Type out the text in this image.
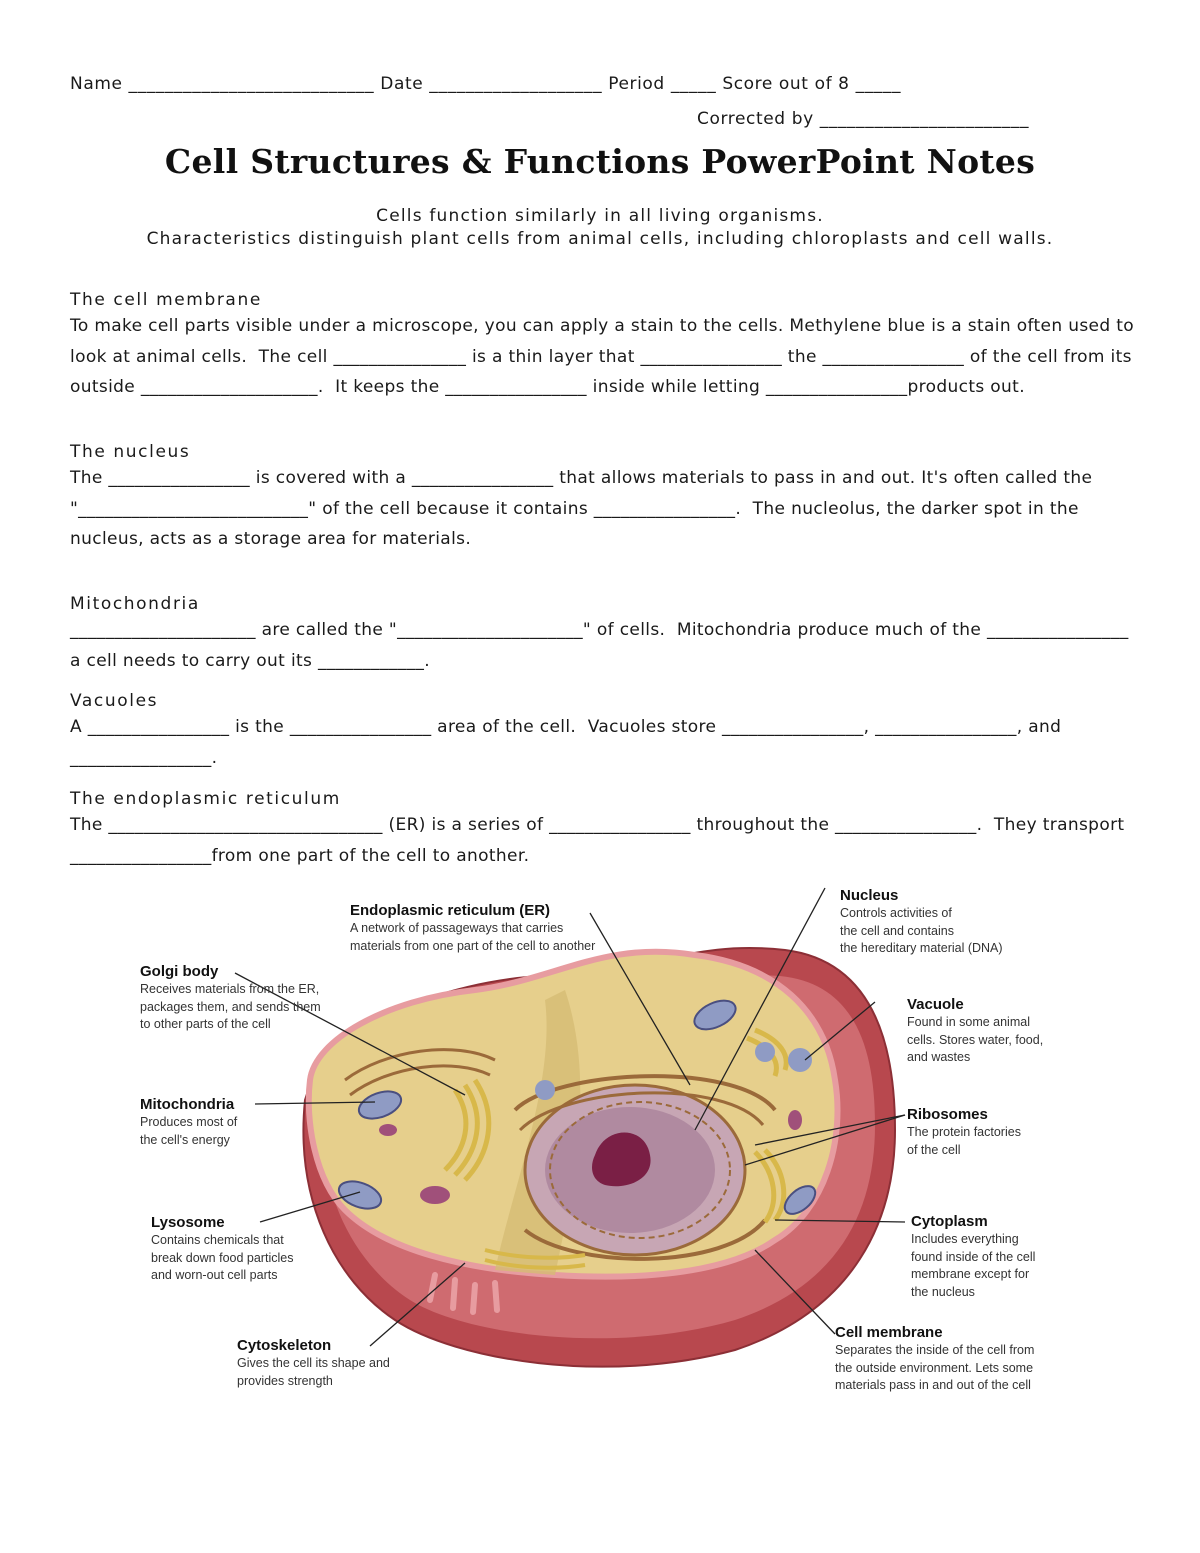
Name ___________________________ Date ___________________ Period _____ Score out of 8 _____
Corrected by _______________________
Cell Structures & Functions PowerPoint Notes
Cells function similarly in all living organisms.
Characteristics distinguish plant cells from animal cells, including chloroplasts and cell walls.
The cell membrane

To make cell parts visible under a microscope, you can apply a stain to the cells. Methylene blue is a stain often used to look at animal cells.  The cell _______________ is a thin layer that ________________ the ________________ of the cell from its outside ____________________.  It keeps the ________________ inside while letting ________________products out.

The nucleus

The ________________ is covered with a ________________ that allows materials to pass in and out. It's often called the "__________________________" of the cell because it contains ________________.  The nucleolus, the darker spot in the nucleus, acts as a storage area for materials.

Mitochondria

_____________________ are called the "_____________________" of cells.  Mitochondria produce much of the ________________ a cell needs to carry out its ____________.

Vacuoles

A ________________ is the ________________ area of the cell.  Vacuoles store ________________, ________________, and ________________.

The endoplasmic reticulum

The _______________________________ (ER) is a series of ________________ throughout the ________________.  They transport ________________from one part of the cell to another.

Endoplasmic reticulum (ER)
A network of passageways that carries
materials from one part of the cell to another
Nucleus
Controls activities of
the cell and contains
the hereditary material (DNA)
Golgi body
Receives materials from the ER,
packages them, and sends them
to other parts of the cell
Vacuole
Found in some animal
cells. Stores water, food,
and wastes
Mitochondria
Produces most of
the cell's energy
Ribosomes
The protein factories
of the cell
Lysosome
Contains chemicals that
break down food particles
and worn-out cell parts
Cytoplasm
Includes everything
found inside of the cell
membrane except for
the nucleus
Cytoskeleton
Gives the cell its shape and
provides strength
Cell membrane
Separates the inside of the cell from
the outside environment. Lets some
materials pass in and out of the cell
